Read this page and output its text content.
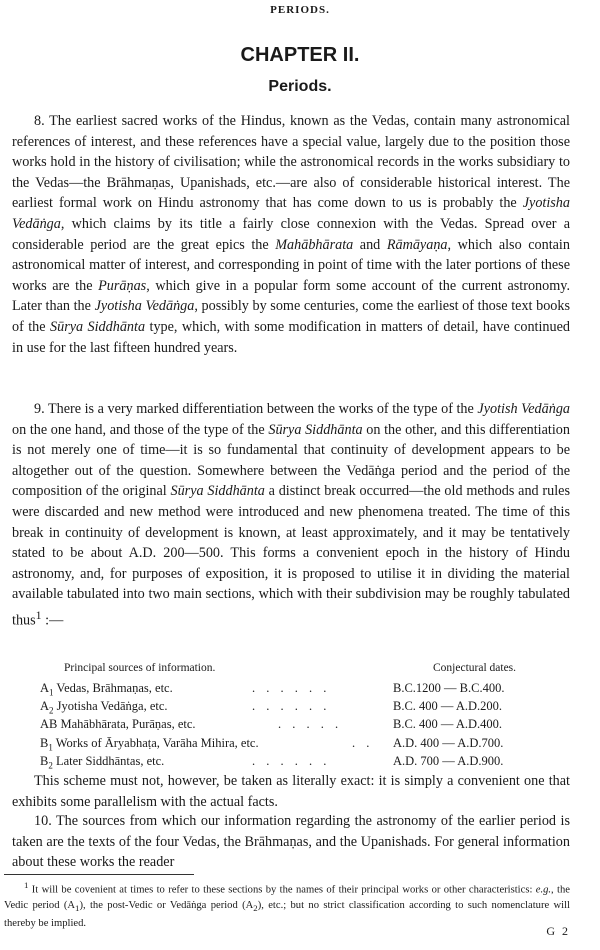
PERIODS.
CHAPTER II.
Periods.

8. The earliest sacred works of the Hindus, known as the Vedas, contain many astronomical references of interest, and these references have a special value, largely due to the position those works hold in the history of civilisation; while the astronomical records in the works subsidiary to the Vedas—the Brāhmaṇas, Upanishads, etc.—are also of considerable historical interest. The earliest formal work on Hindu astronomy that has come down to us is probably the Jyotisha Vedāṅga, which claims by its title a fairly close connexion with the Vedas. Spread over a considerable period are the great epics the Mahābhārata and Rāmāyaṇa, which also contain astronomical matter of interest, and corresponding in point of time with the later portions of these works are the Purāṇas, which give in a popular form some account of the current astronomy. Later than the Jyotisha Vedāṅga, possibly by some centuries, come the earliest of those text books of the Sūrya Siddhānta type, which, with some modification in matters of detail, have continued in use for the last fifteen hundred years.

9. There is a very marked differentiation between the works of the type of the Jyotish Vedāṅga on the one hand, and those of the type of the Sūrya Siddhānta on the other, and this differentiation is not merely one of time—it is so fundamental that continuity of development appears to be altogether out of the question. Somewhere between the Vedāṅga period and the period of the composition of the original Sūrya Siddhānta a distinct break occurred—the old methods and rules were discarded and new method were introduced and new phenomena treated. The time of this break in continuity of development is known, at least approximately, and it may be tentatively stated to be about A.D. 200—500. This forms a convenient epoch in the history of Hindu astronomy, and, for purposes of exposition, it is proposed to utilise it in dividing the material available tabulated into two main sections, which with their subdivision may be roughly tabulated thus$^1$ :—

Principal sources of information.	Conjectural dates.
$A_1$ Vedas, Brāhmaṇas, etc.	. . . . . .	B.C.1200 — B.C.400.
$A_2$ Jyotisha Vedāṅga, etc.	. . . . . .	B.C. 400 — A.D.200.
AB Mahābhārata, Purāṇas, etc.	. . . . .	B.C. 400 — A.D.400.
$B_1$ Works of Āryabhaṭa, Varāha Mihira, etc.	. . A.D. 400 — A.D.700.
$B_2$ Later Siddhāntas, etc.	. . . . . .	A.D. 700 — A.D.900.

This scheme must not, however, be taken as literally exact: it is simply a convenient one that exhibits some parallelism with the actual facts.

10. The sources from which our information regarding the astronomy of the earlier period is taken are the texts of the four Vedas, the Brāhmaṇas, and the Upanishads. For general information about these works the reader

$^1$ It will be covenient at times to refer to these sections by the names of their principal works or other characteristics: e.g., the Vedic period $(A_1)$, the post-Vedic or Vedāṅga period $(A_2)$, etc.; but no strict classification according to such nomenclature will thereby be implied.

G 2
